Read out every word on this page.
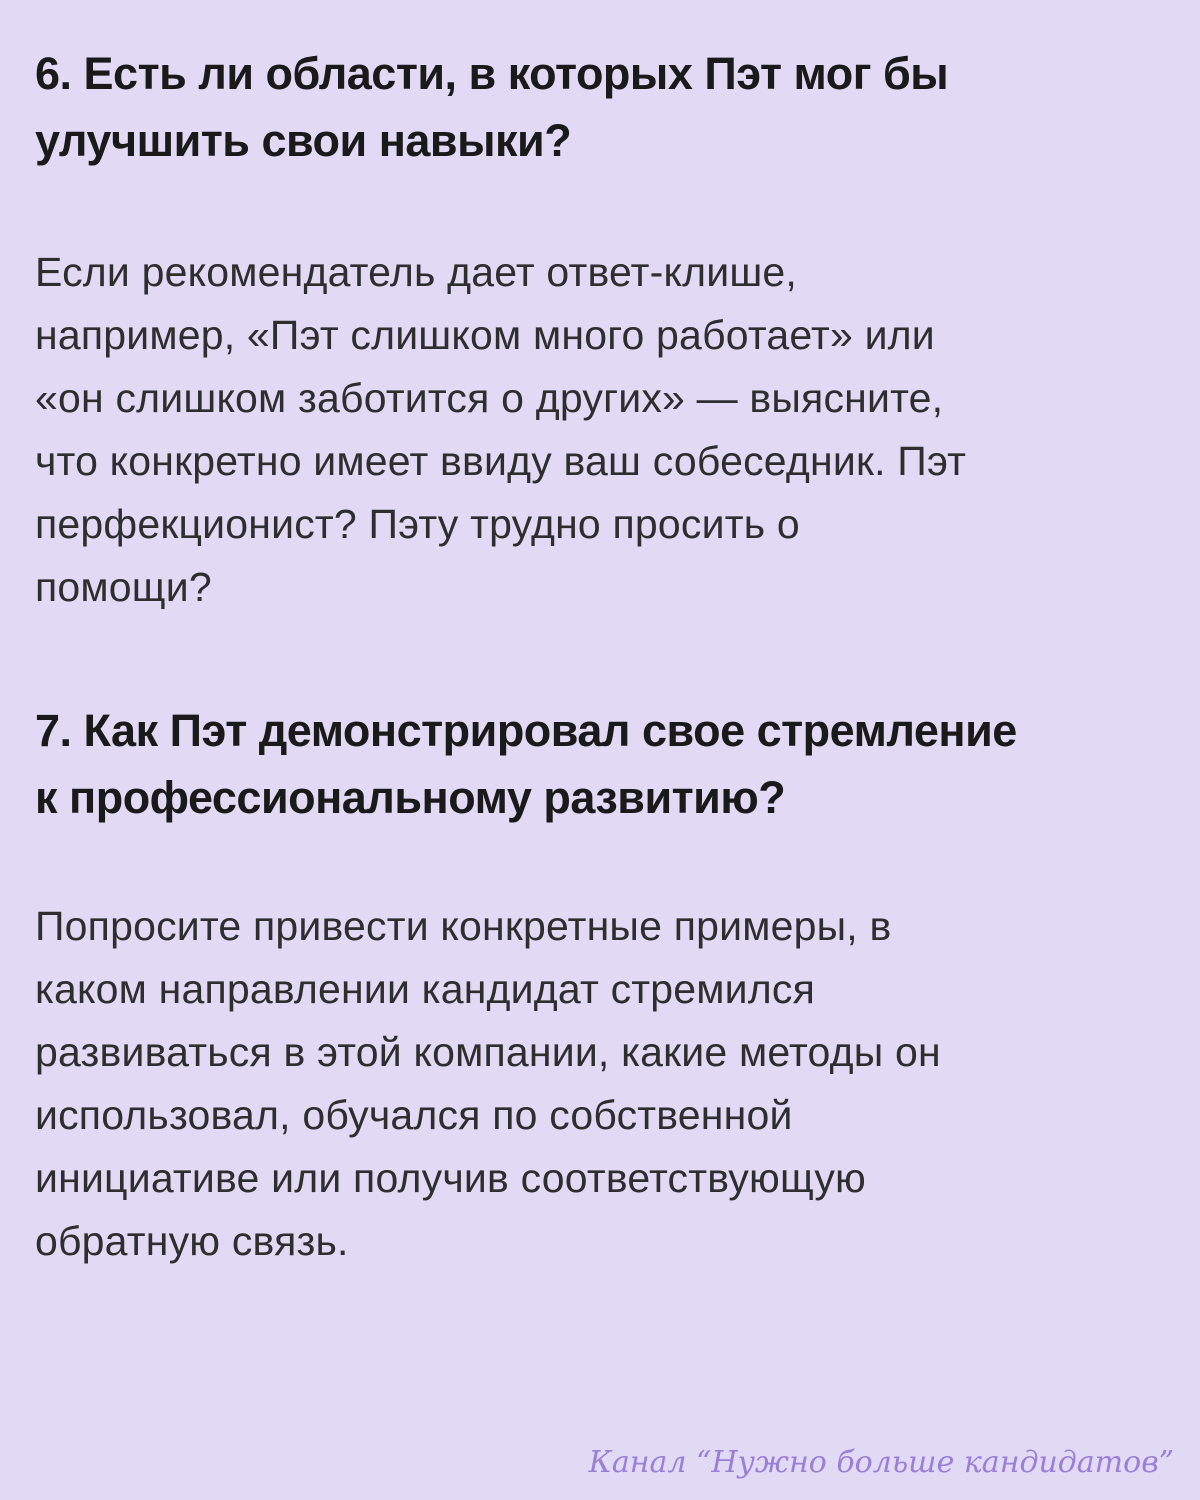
6. Есть ли области, в которых Пэт мог бы
улучшить свои навыки?
Если рекомендатель дает ответ-клише,
например, «Пэт слишком много работает» или
«он слишком заботится о других» — выясните,
что конкретно имеет ввиду ваш собеседник. Пэт
перфекционист? Пэту трудно просить о
помощи?
7. Как Пэт демонстрировал свое стремление
к профессиональному развитию?
Попросите привести конкретные примеры, в
каком направлении кандидат стремился
развиваться в этой компании, какие методы он
использовал, обучался по собственной
инициативе или получив соответствующую
обратную связь.
Канал “Нужно больше кандидатов”
